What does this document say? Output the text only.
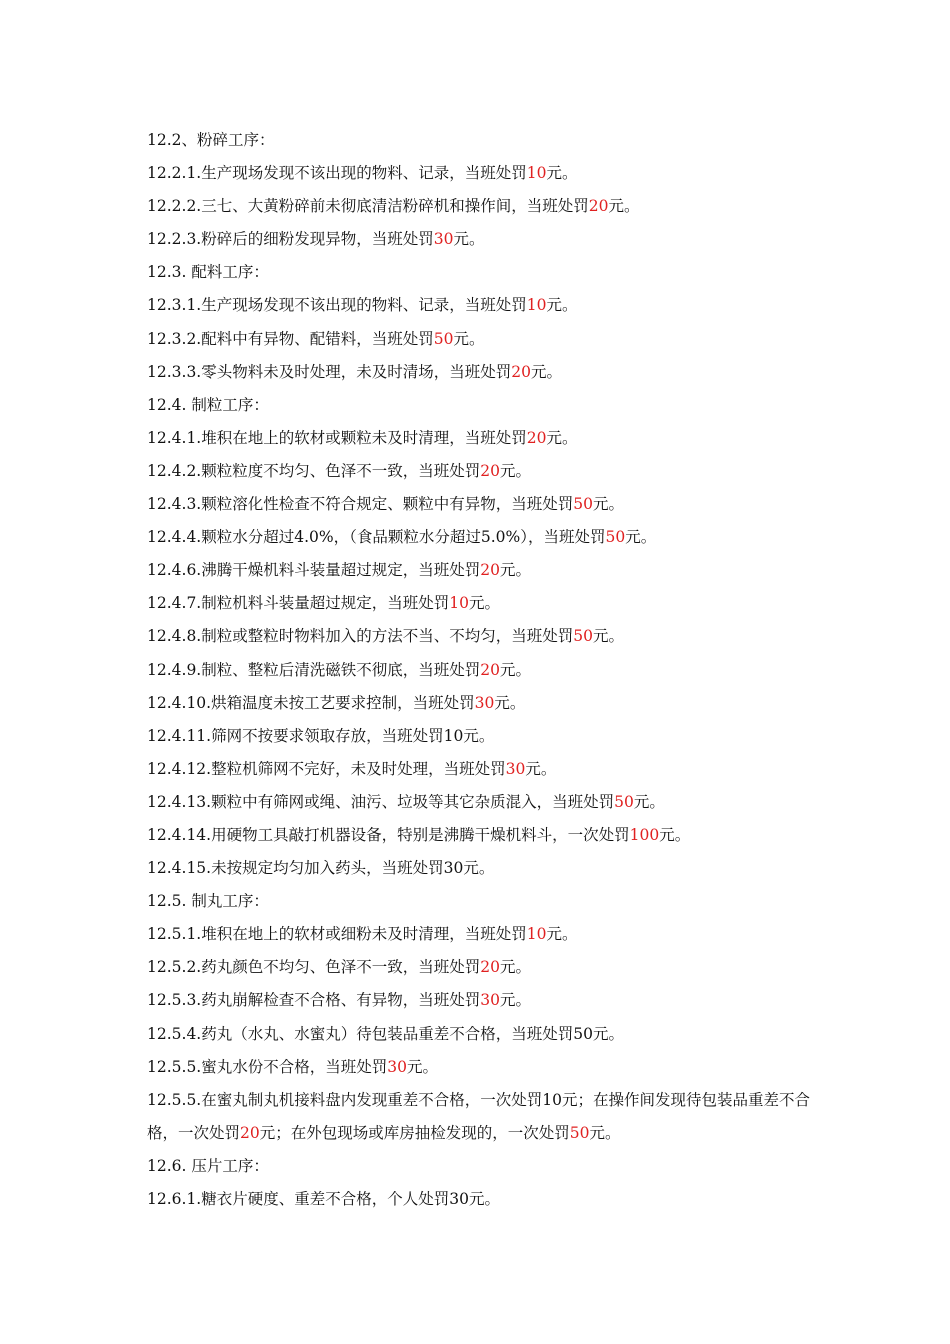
12.2、粉碎工序：
12.2.1.生产现场发现不该出现的物料、记录，当班处罚10元。
12.2.2.三七、大黄粉碎前未彻底清洁粉碎机和操作间，当班处罚20元。
12.2.3.粉碎后的细粉发现异物，当班处罚30元。
12.3. 配料工序：
12.3.1.生产现场发现不该出现的物料、记录，当班处罚10元。
12.3.2.配料中有异物、配错料，当班处罚50元。
12.3.3.零头物料未及时处理，未及时清场，当班处罚20元。
12.4. 制粒工序：
12.4.1.堆积在地上的软材或颗粒未及时清理，当班处罚20元。
12.4.2.颗粒粒度不均匀、色泽不一致，当班处罚20元。
12.4.3.颗粒溶化性检查不符合规定、颗粒中有异物，当班处罚50元。
12.4.4.颗粒水分超过4.0%，（食品颗粒水分超过5.0%），当班处罚50元。
12.4.6.沸腾干燥机料斗装量超过规定，当班处罚20元。
12.4.7.制粒机料斗装量超过规定，当班处罚10元。
12.4.8.制粒或整粒时物料加入的方法不当、不均匀，当班处罚50元。
12.4.9.制粒、整粒后清洗磁铁不彻底，当班处罚20元。
12.4.10.烘箱温度未按工艺要求控制，当班处罚30元。
12.4.11.筛网不按要求领取存放，当班处罚10元。
12.4.12.整粒机筛网不完好，未及时处理，当班处罚30元。
12.4.13.颗粒中有筛网或绳、油污、垃圾等其它杂质混入，当班处罚50元。
12.4.14.用硬物工具敲打机器设备，特别是沸腾干燥机料斗，一次处罚100元。
12.4.15.未按规定均匀加入药头，当班处罚30元。
12.5. 制丸工序：
12.5.1.堆积在地上的软材或细粉未及时清理，当班处罚10元。
12.5.2.药丸颜色不均匀、色泽不一致，当班处罚20元。
12.5.3.药丸崩解检查不合格、有异物，当班处罚30元。
12.5.4.药丸（水丸、水蜜丸）待包装品重差不合格，当班处罚50元。
12.5.5.蜜丸水份不合格，当班处罚30元。
12.5.5.在蜜丸制丸机接料盘内发现重差不合格，一次处罚10元；在操作间发现待包装品重差不合格，一次处罚20元；在外包现场或库房抽检发现的，一次处罚50元。
12.6. 压片工序：
12.6.1.糖衣片硬度、重差不合格，个人处罚30元。
